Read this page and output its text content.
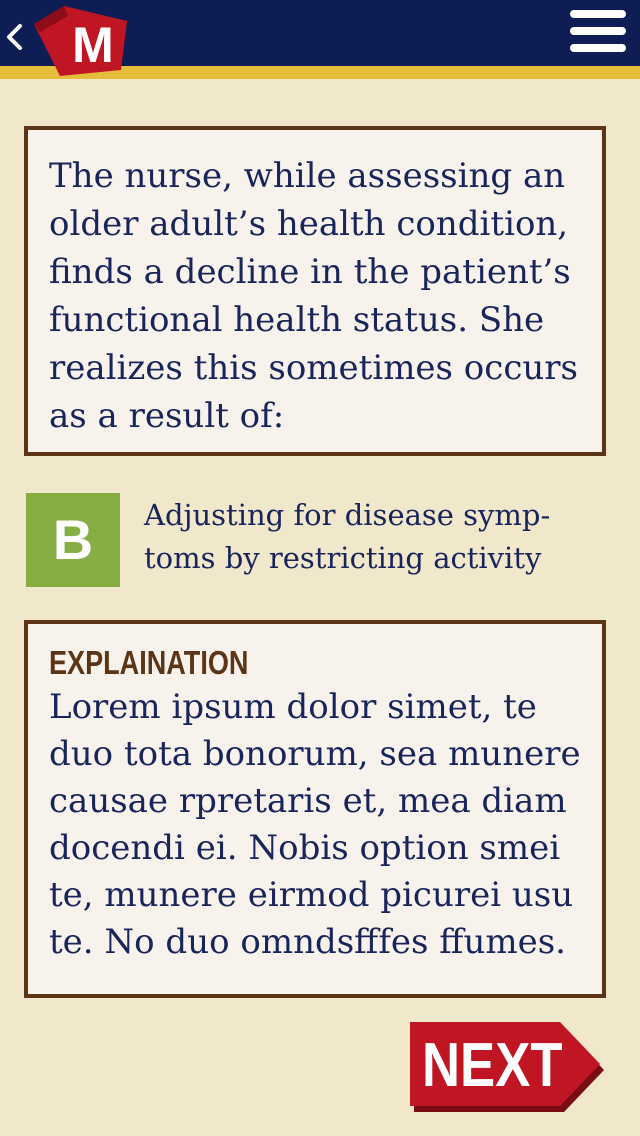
M

The nurse, while assessing an older adult’s health condition, finds a decline in the patient’s functional health status. She realizes this sometimes occurs as a result of:

B	Adjusting for disease symp-toms by restricting activity
EXPLAINATION

Lorem ipsum dolor simet, te duo tota bonorum, sea munere causae rpretaris et, mea diam docendi ei. Nobis option smei te, munere eirmod picurei usu te. No duo omndsfffes ffumes.

NEXT
